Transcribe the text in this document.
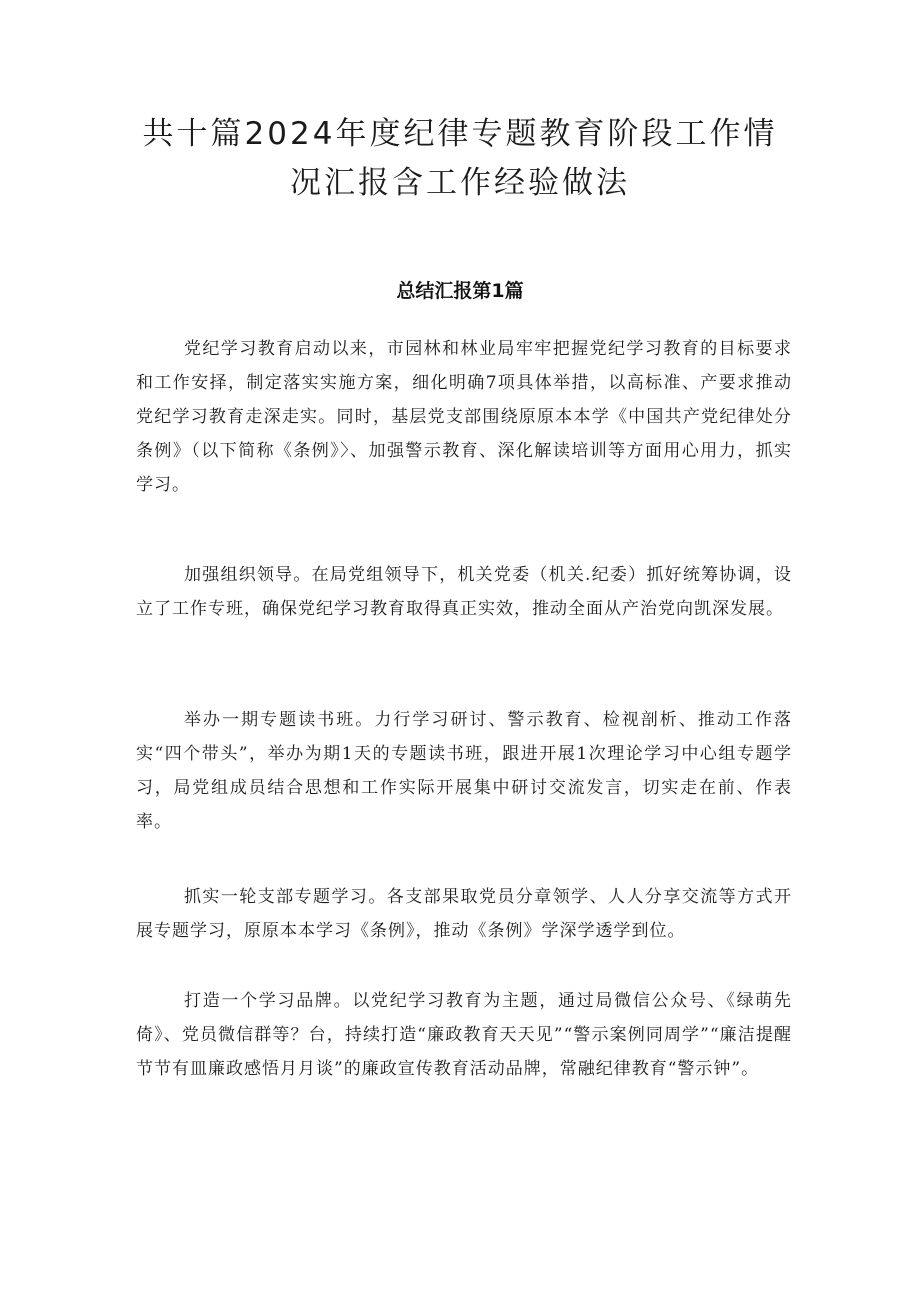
共十篇2024年度纪律专题教育阶段工作情
况汇报含工作经验做法
总结汇报第1篇

党纪学习教育启动以来，市园林和林业局牢牢把握党纪学习教育的目标要求和工作安择，制定落实实施方案，细化明确7项具体举措，以高标准、产要求推动党纪学习教育走深走实。同时，基层党支部围绕原原本本学《中国共产党纪律处分条例》（以下简称《条例》〉、加强警示教育、深化解读培训等方面用心用力，抓实学习。

加强组织领导。在局党组领导下，机关党委（机关.纪委）抓好统筹协调，设立了工作专班，确保党纪学习教育取得真正实效，推动全面从产治党向凯深发展。

举办一期专题读书班。力行学习研讨、警示教育、检视剖析、推动工作落实“四个带头”，举办为期1天的专题读书班，跟进开展1次理论学习中心组专题学习，局党组成员结合思想和工作实际开展集中研讨交流发言，切实走在前、作表率。

抓实一轮支部专题学习。各支部果取党员分章领学、人人分享交流等方式开展专题学习，原原本本学习《条例》，推动《条例》学深学透学到位。

打造一个学习品牌。以党纪学习教育为主题，通过局微信公众号、《绿萌先倚》、党员微信群等？台，持续打造“廉政教育天天见”“警示案例同周学”“廉洁提醒节节有皿廉政感悟月月谈”的廉政宣传教育活动品牌，常融纪律教育“警示钟”。
